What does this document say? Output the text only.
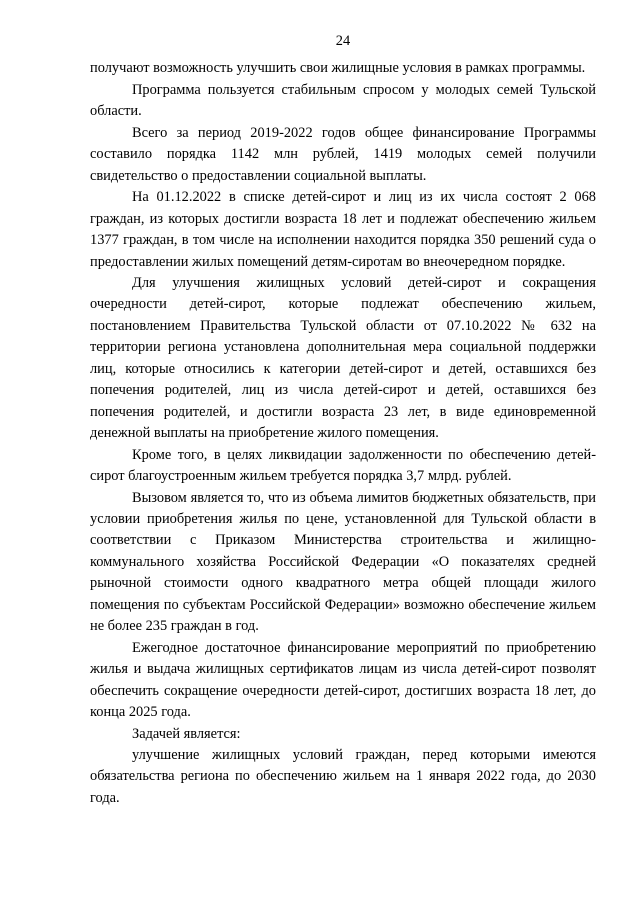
24

получают возможность улучшить свои жилищные условия в рамках программы.

Программа пользуется стабильным спросом у молодых семей Тульской области.

Всего за период 2019-2022 годов общее финансирование Программы составило порядка 1142 млн рублей, 1419 молодых семей получили свидетельство о предоставлении социальной выплаты.

На 01.12.2022 в списке детей-сирот и лиц из их числа состоят 2 068 граждан, из которых достигли возраста 18 лет и подлежат обеспечению жильем 1377 граждан, в том числе на исполнении находится порядка 350 решений суда о предоставлении жилых помещений детям-сиротам во внеочередном порядке.

Для улучшения жилищных условий детей-сирот и сокращения очередности детей-сирот, которые подлежат обеспечению жильем, постановлением Правительства Тульской области от 07.10.2022 № 632 на территории региона установлена дополнительная мера социальной поддержки лиц, которые относились к категории детей-сирот и детей, оставшихся без попечения родителей, лиц из числа детей-сирот и детей, оставшихся без попечения родителей, и достигли возраста 23 лет, в виде единовременной денежной выплаты на приобретение жилого помещения.

Кроме того, в целях ликвидации задолженности по обеспечению детей-сирот благоустроенным жильем требуется порядка 3,7 млрд. рублей.

Вызовом является то, что из объема лимитов бюджетных обязательств, при условии приобретения жилья по цене, установленной для Тульской области в соответствии с Приказом Министерства строительства и жилищно-коммунального хозяйства Российской Федерации «О показателях средней рыночной стоимости одного квадратного метра общей площади жилого помещения по субъектам Российской Федерации» возможно обеспечение жильем не более 235 граждан в год.

Ежегодное достаточное финансирование мероприятий по приобретению жилья и выдача жилищных сертификатов лицам из числа детей-сирот позволят обеспечить сокращение очередности детей-сирот, достигших возраста 18 лет, до конца 2025 года.

Задачей является:

улучшение жилищных условий граждан, перед которыми имеются обязательства региона по обеспечению жильем на 1 января 2022 года, до 2030 года.
